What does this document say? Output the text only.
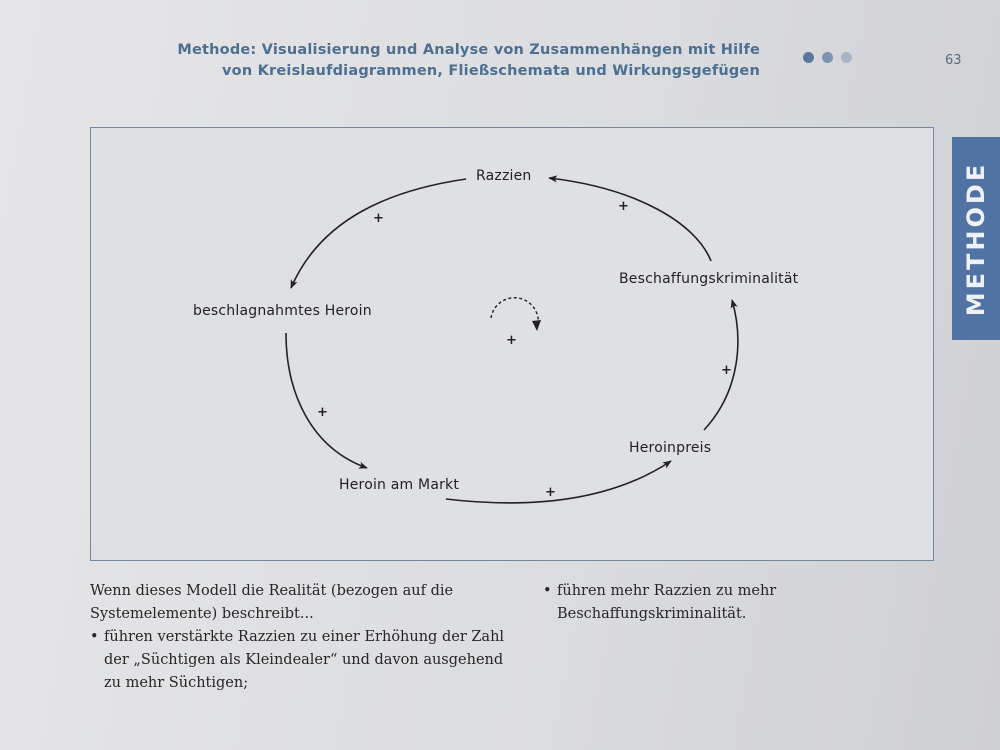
Methode: Visualisierung und Analyse von Zusammenhängen mit Hilfe
von Kreislaufdiagrammen, Fließschemata und Wirkungsgefügen
63
METHODE
Razzien
Beschaffungskriminalität
Heroinpreis
Heroin am Markt
beschlagnahmtes Heroin
+
+
+
+
+
+
Wenn dieses Modell die Realität (bezogen auf die Systemelemente) beschreibt...
• führen verstärkte Razzien zu einer Erhöhung der Zahl der „Süchtigen als Kleindealer“ und davon ausgehend zu mehr Süchtigen;
• führen mehr Razzien zu mehr Beschaffungskriminalität.
